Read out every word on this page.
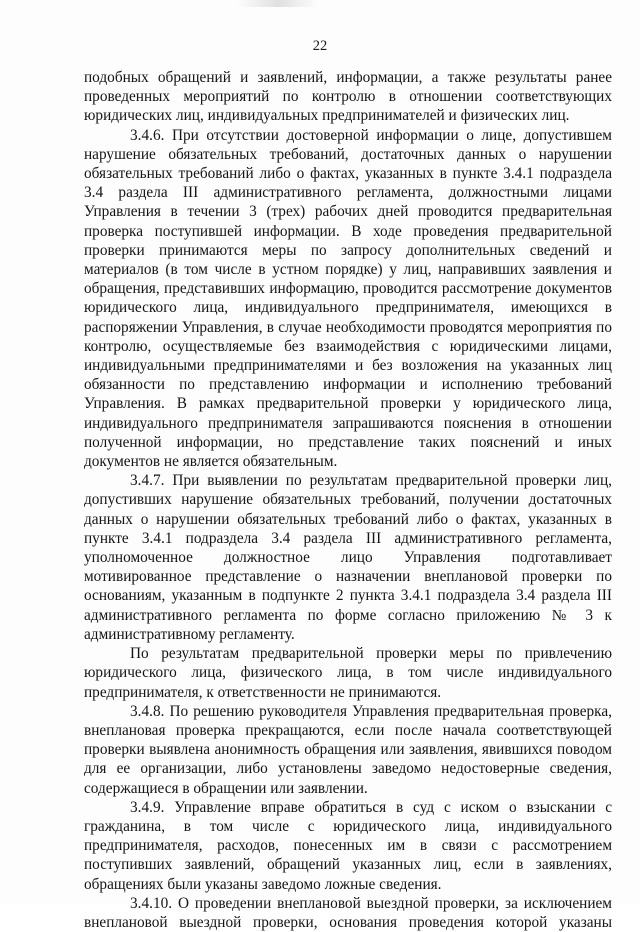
22

подобных обращений и заявлений, информации, а также результаты ранее проведенных мероприятий по контролю в отношении соответствующих юридических лиц, индивидуальных предпринимателей и физических лиц.

3.4.6. При отсутствии достоверной информации о лице, допустившем нарушение обязательных требований, достаточных данных о нарушении обязательных требований либо о фактах, указанных в пункте 3.4.1 подраздела 3.4 раздела III административного регламента, должностными лицами Управления в течении 3 (трех) рабочих дней проводится предварительная проверка поступившей информации. В ходе проведения предварительной проверки принимаются меры по запросу дополнительных сведений и материалов (в том числе в устном порядке) у лиц, направивших заявления и обращения, представивших информацию, проводится рассмотрение документов юридического лица, индивидуального предпринимателя, имеющихся в распоряжении Управления, в случае необходимости проводятся мероприятия по контролю, осуществляемые без взаимодействия с юридическими лицами, индивидуальными предпринимателями и без возложения на указанных лиц обязанности по представлению информации и исполнению требований Управления. В рамках предварительной проверки у юридического лица, индивидуального предпринимателя запрашиваются пояснения в отношении полученной информации, но представление таких пояснений и иных документов не является обязательным.

3.4.7. При выявлении по результатам предварительной проверки лиц, допустивших нарушение обязательных требований, получении достаточных данных о нарушении обязательных требований либо о фактах, указанных в пункте 3.4.1 подраздела 3.4 раздела III административного регламента, уполномоченное должностное лицо Управления подготавливает мотивированное представление о назначении внеплановой проверки по основаниям, указанным в подпункте 2 пункта 3.4.1 подраздела 3.4 раздела III административного регламента по форме согласно приложению № 3 к административному регламенту.

По результатам предварительной проверки меры по привлечению юридического лица, физического лица, в том числе индивидуального предпринимателя, к ответственности не принимаются.

3.4.8. По решению руководителя Управления предварительная проверка, внеплановая проверка прекращаются, если после начала соответствующей проверки выявлена анонимность обращения или заявления, явившихся поводом для ее организации, либо установлены заведомо недостоверные сведения, содержащиеся в обращении или заявлении.

3.4.9. Управление вправе обратиться в суд с иском о взыскании с гражданина, в том числе с юридического лица, индивидуального предпринимателя, расходов, понесенных им в связи с рассмотрением поступивших заявлений, обращений указанных лиц, если в заявлениях, обращениях были указаны заведомо ложные сведения.

3.4.10. О проведении внеплановой выездной проверки, за исключением внеплановой выездной проверки, основания проведения которой указаны
